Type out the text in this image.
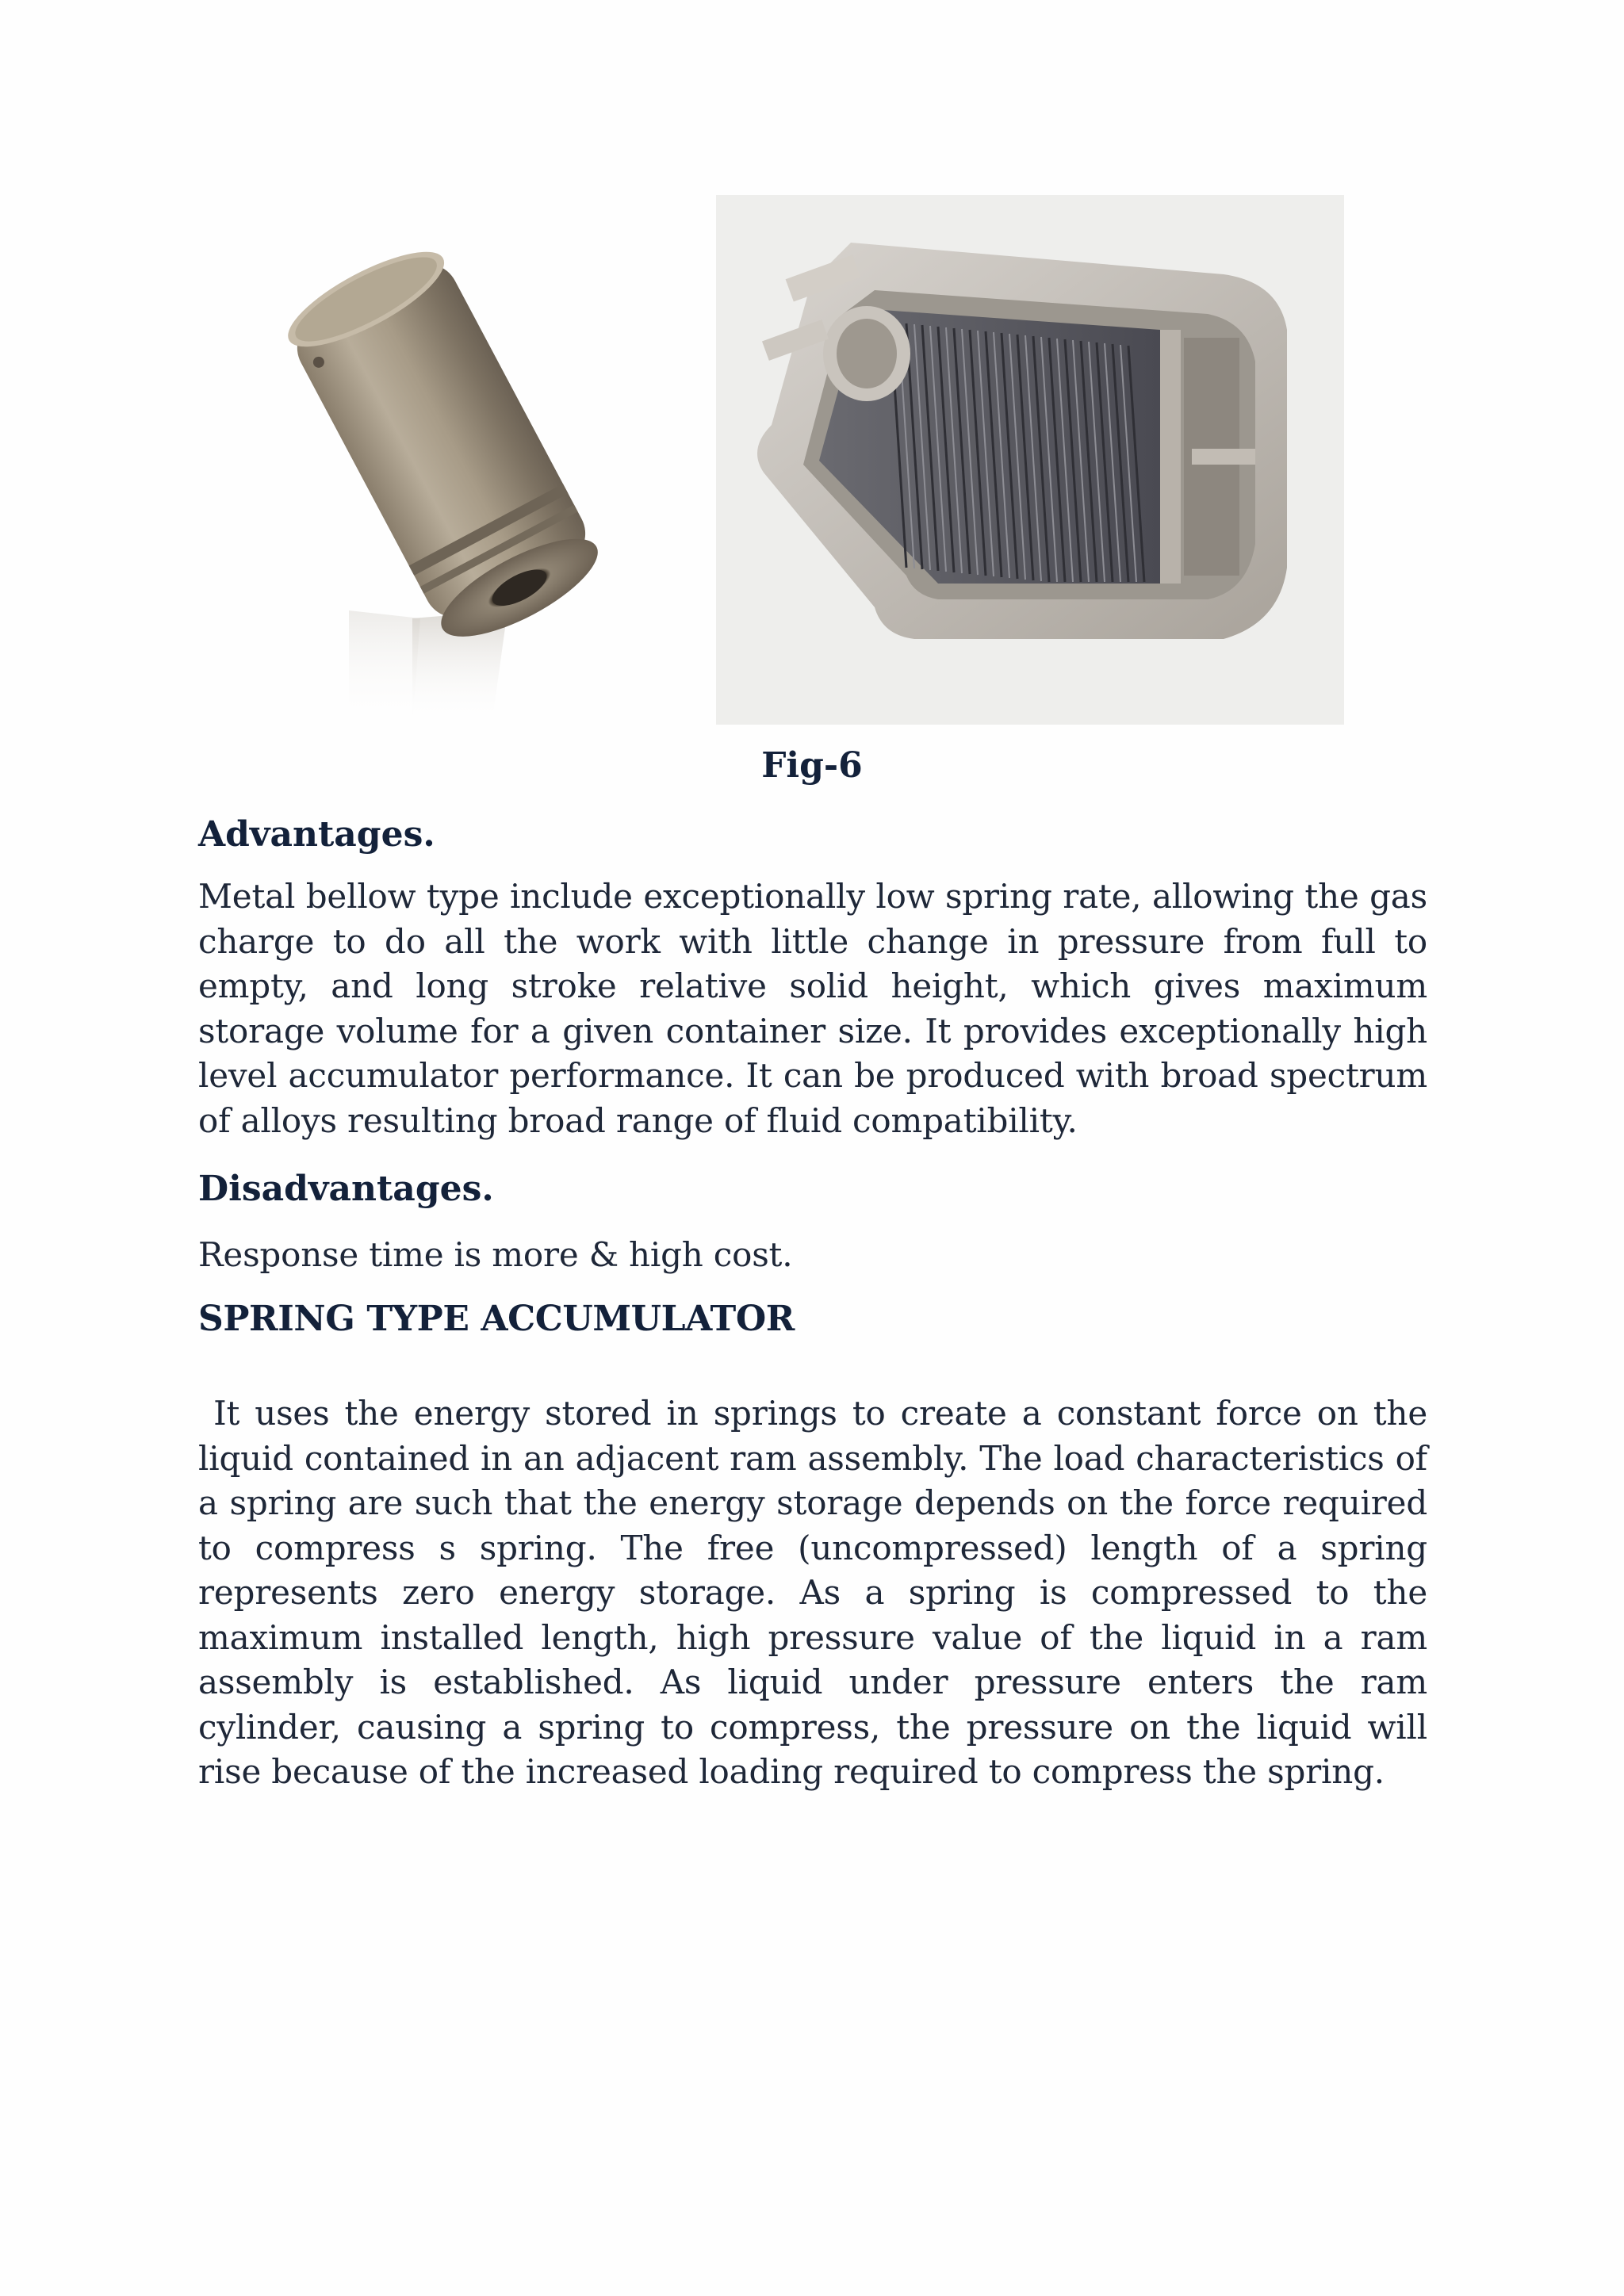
Fig-6
Advantages.
Metal bellow type include exceptionally low spring rate, allowing the gas charge to do all the work with little change in pressure from full to empty, and long stroke relative solid height, which gives maximum storage volume for a given container size. It provides exceptionally high level accumulator performance. It can be produced with broad spectrum of alloys resulting broad range of fluid compatibility.
Disadvantages.
Response time is more & high cost.
SPRING TYPE ACCUMULATOR
It uses the energy stored in springs to create a constant force on the liquid contained in an adjacent ram assembly. The load characteristics of a spring are such that the energy storage depends on the force required to compress s spring. The free (uncompressed) length of a spring represents zero energy storage. As a spring is compressed to the maximum installed length, high pressure value of the liquid in a ram assembly is established. As liquid under pressure enters the ram cylinder, causing a spring to compress, the pressure on the liquid will rise because of the increased loading required to compress the spring.
